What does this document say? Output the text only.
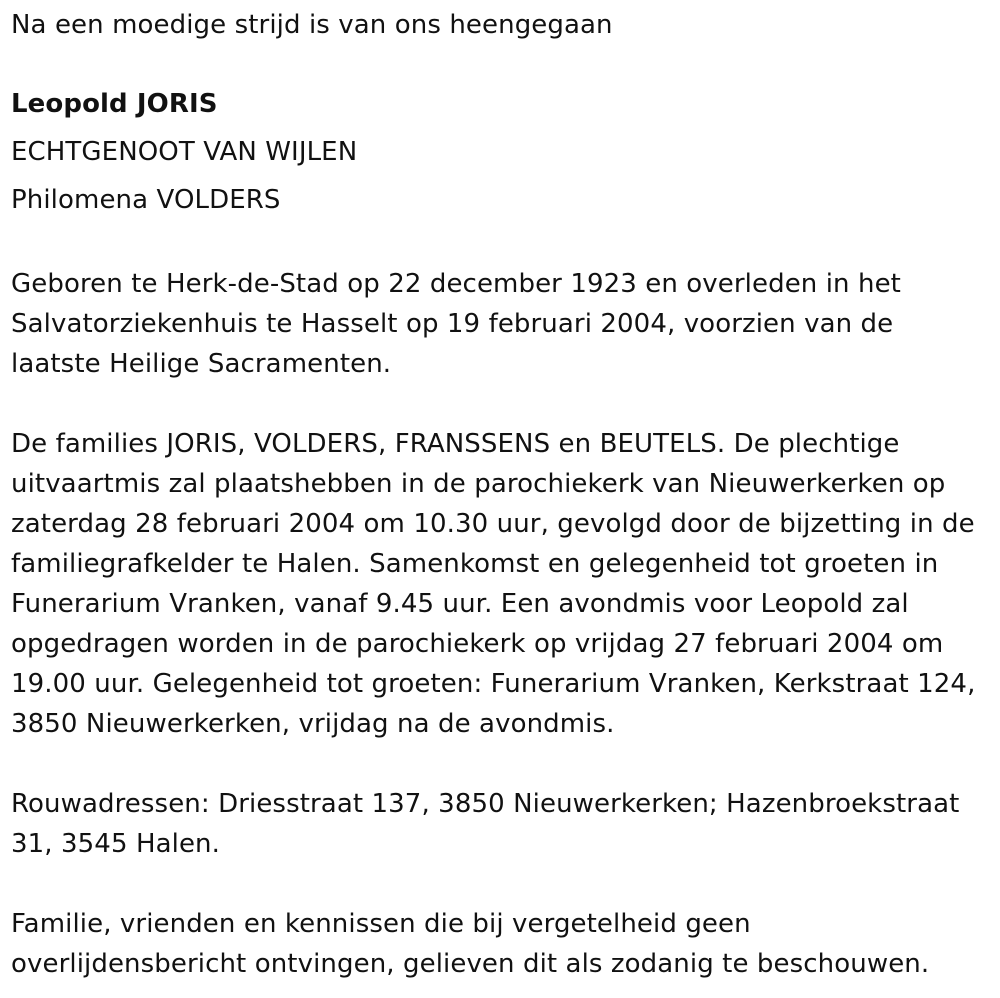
Na een moedige strijd is van ons heengegaan
Leopold JORIS
ECHTGENOOT VAN WIJLEN
Philomena VOLDERS
Geboren te Herk-de-Stad op 22 december 1923 en overleden in het
Salvatorziekenhuis te Hasselt op 19 februari 2004, voorzien van de
laatste Heilige Sacramenten.
De families JORIS, VOLDERS, FRANSSENS en BEUTELS. De plechtige
uitvaartmis zal plaatshebben in de parochiekerk van Nieuwerkerken op
zaterdag 28 februari 2004 om 10.30 uur, gevolgd door de bijzetting in de
familiegrafkelder te Halen. Samenkomst en gelegenheid tot groeten in
Funerarium Vranken, vanaf 9.45 uur. Een avondmis voor Leopold zal
opgedragen worden in de parochiekerk op vrijdag 27 februari 2004 om
19.00 uur. Gelegenheid tot groeten: Funerarium Vranken, Kerkstraat 124,
3850 Nieuwerkerken, vrijdag na de avondmis.
Rouwadressen: Driesstraat 137, 3850 Nieuwerkerken; Hazenbroekstraat
31, 3545 Halen.
Familie, vrienden en kennissen die bij vergetelheid geen
overlijdensbericht ontvingen, gelieven dit als zodanig te beschouwen.
